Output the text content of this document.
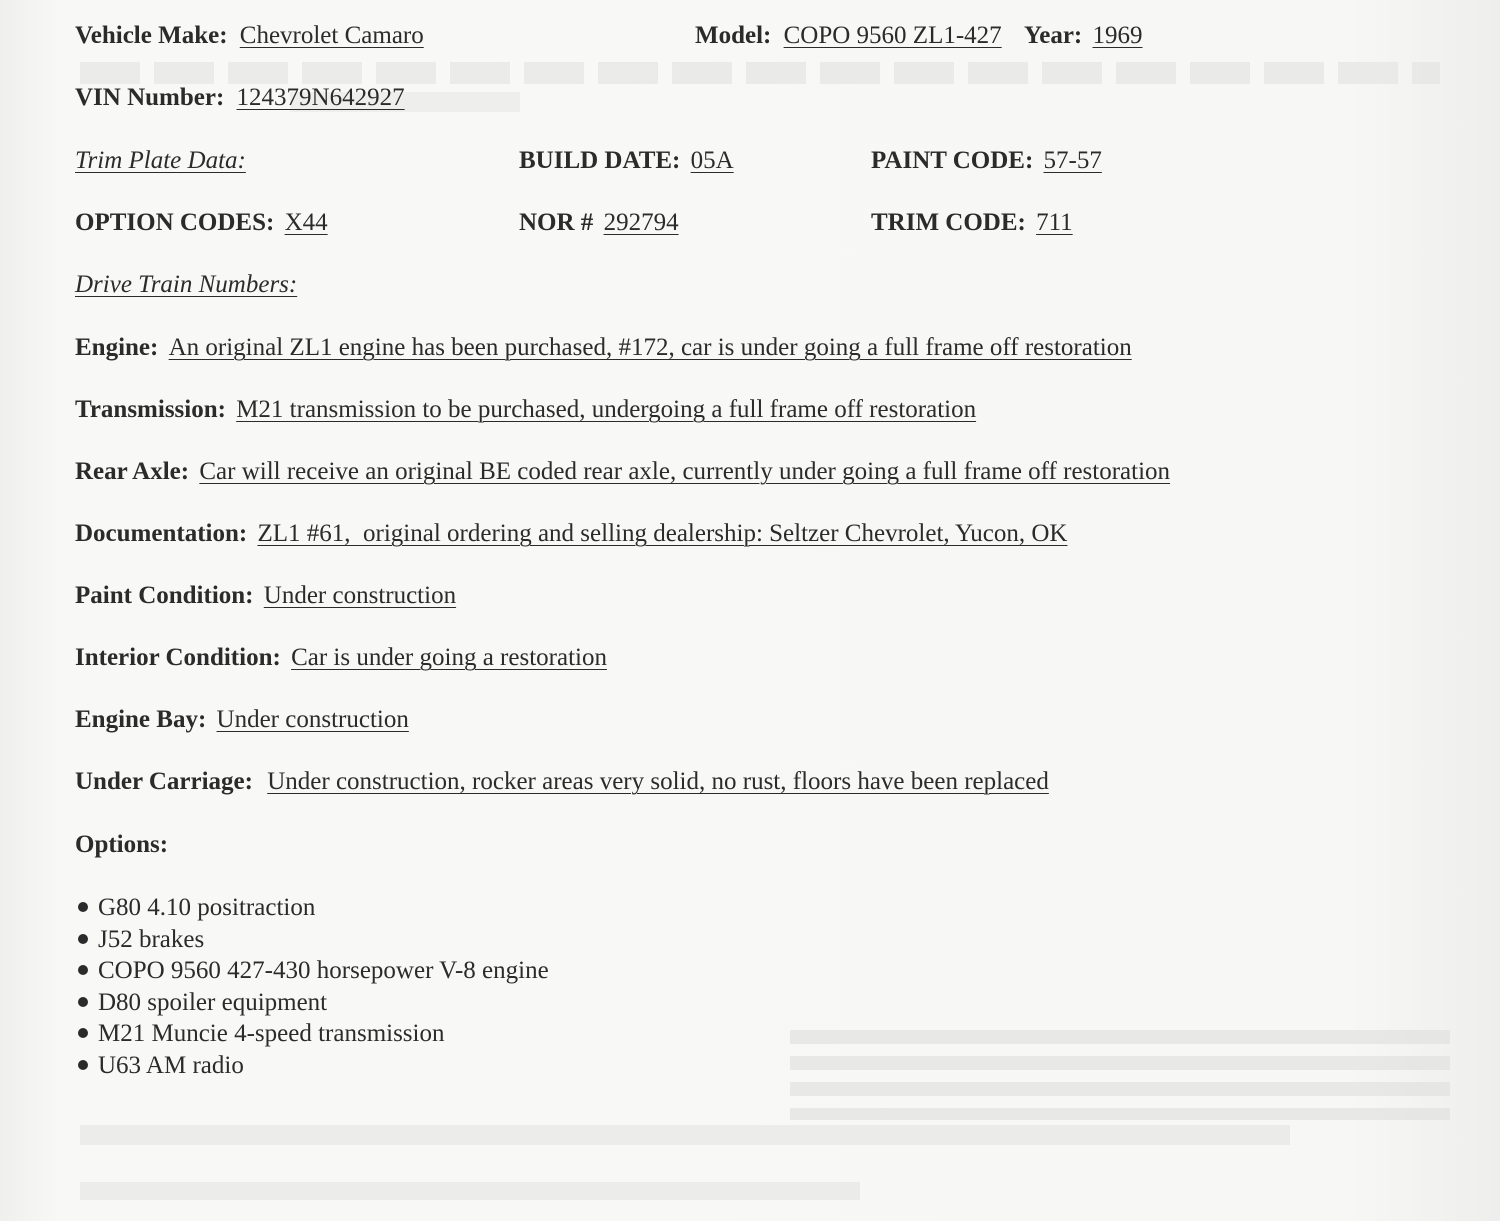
Vehicle Make: Chevrolet Camaro	Model: COPO 9560 ZL1-427 Year: 1969
VIN Number: 124379N642927
Trim Plate Data:	BUILD DATE: 05A	PAINT CODE: 57-57
OPTION CODES: X44	NOR # 292794	TRIM CODE: 711
Drive Train Numbers:
Engine: An original ZL1 engine has been purchased, #172, car is under going a full frame off restoration
Transmission: M21 transmission to be purchased, undergoing a full frame off restoration
Rear Axle: Car will receive an original BE coded rear axle, currently under going a full frame off restoration
Documentation: ZL1 #61,  original ordering and selling dealership: Seltzer Chevrolet, Yucon, OK
Paint Condition: Under construction
Interior Condition: Car is under going a restoration
Engine Bay: Under construction
Under Carriage: Under construction, rocker areas very solid, no rust, floors have been replaced
Options:
G80 4.10 positraction
J52 brakes
COPO 9560 427-430 horsepower V-8 engine
D80 spoiler equipment
M21 Muncie 4-speed transmission
U63 AM radio
